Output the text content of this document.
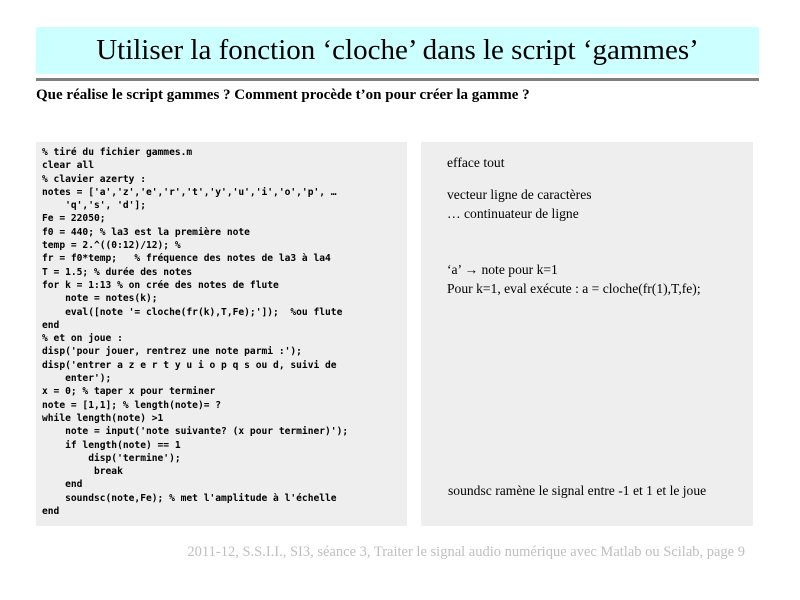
Utiliser la fonction ‘cloche’ dans le script ‘gammes’
Que réalise le script gammes ? Comment procède t’on pour créer la gamme ?
% tiré du fichier gammes.m
clear all
% clavier azerty :
notes = ['a','z','e','r','t','y','u','i','o','p', …
'q','s', 'd'];
Fe = 22050;
f0 = 440; % la3 est la première note
temp = 2.^((0:12)/12); %
fr = f0*temp;   % fréquence des notes de la3 à la4
T = 1.5; % durée des notes
for k = 1:13 % on crée des notes de flute
note = notes(k);
eval([note '= cloche(fr(k),T,Fe);']);  %ou flute
end
% et on joue :
disp('pour jouer, rentrez une note parmi :');
disp('entrer a z e r t y u i o p q s ou d, suivi de
enter');
x = 0; % taper x pour terminer
note = [1,1]; % length(note)= ?
while length(note) >1
note = input('note suivante? (x pour terminer)');
if length(note) == 1
disp('termine');
break
end
soundsc(note,Fe); % met l'amplitude à l'échelle
end
efface tout
vecteur ligne de caractères
… continuateur de ligne
‘a’ → note pour k=1
Pour k=1, eval exécute : a = cloche(fr(1),T,fe);
soundsc ramène le signal entre -1 et 1 et le joue
2011-12, S.S.I.I., SI3, séance 3, Traiter le signal audio numérique avec Matlab ou Scilab, page 9
